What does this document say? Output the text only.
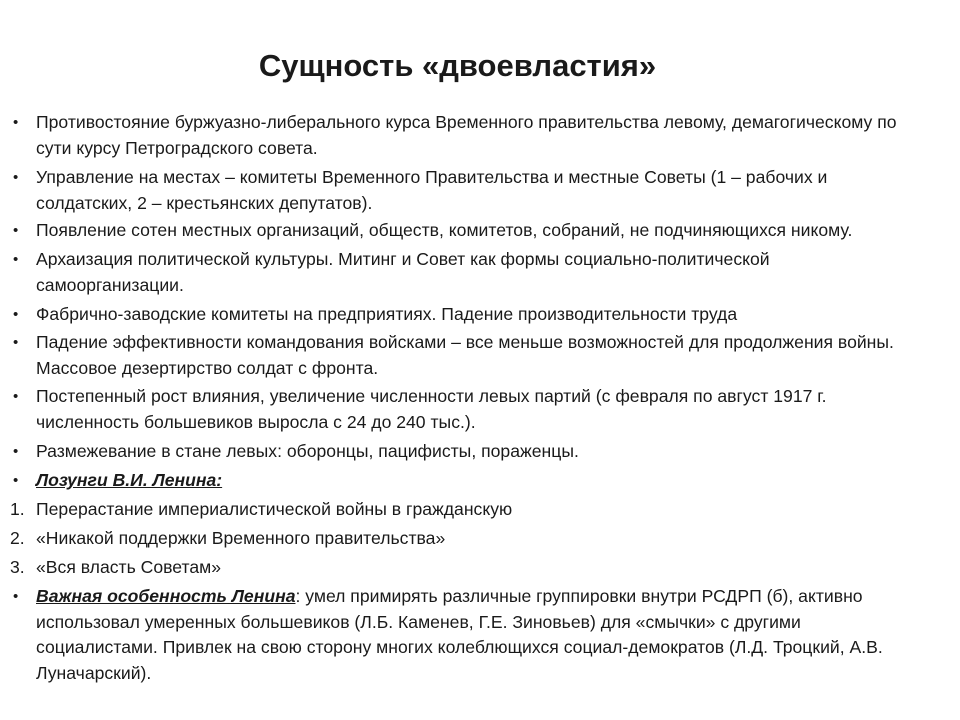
Сущность «двоевластия»
•	Противостояние буржуазно-либерального курса Временного правительства левому, демагогическому по сути курсу Петроградского совета.
•	Управление на местах – комитеты Временного Правительства и местные Советы (1 – рабочих и солдатских, 2 – крестьянских депутатов).
•	Появление сотен местных организаций, обществ, комитетов, собраний, не подчиняющихся никому.
•	Архаизация политической культуры. Митинг и Совет как формы социально-политической самоорганизации.
•	Фабрично-заводские комитеты на предприятиях. Падение производительности труда
•	Падение эффективности командования войсками – все меньше возможностей для продолжения войны. Массовое дезертирство солдат с фронта.
•	Постепенный рост влияния, увеличение численности левых партий (с февраля по август 1917 г. численность большевиков выросла с 24 до 240 тыс.).
•	Размежевание в стане левых: оборонцы, пацифисты, пораженцы.
•	Лозунги В.И. Ленина:
1. Перерастание империалистической войны в гражданскую
2. «Никакой поддержки Временного правительства»
3. «Вся власть Советам»
•	Важная особенность Ленина: умел примирять различные группировки внутри РСДРП (б), активно использовал умеренных большевиков (Л.Б. Каменев, Г.Е. Зиновьев) для «смычки» с другими социалистами. Привлек на свою сторону многих колеблющихся социал-демократов (Л.Д. Троцкий, А.В. Луначарский).
